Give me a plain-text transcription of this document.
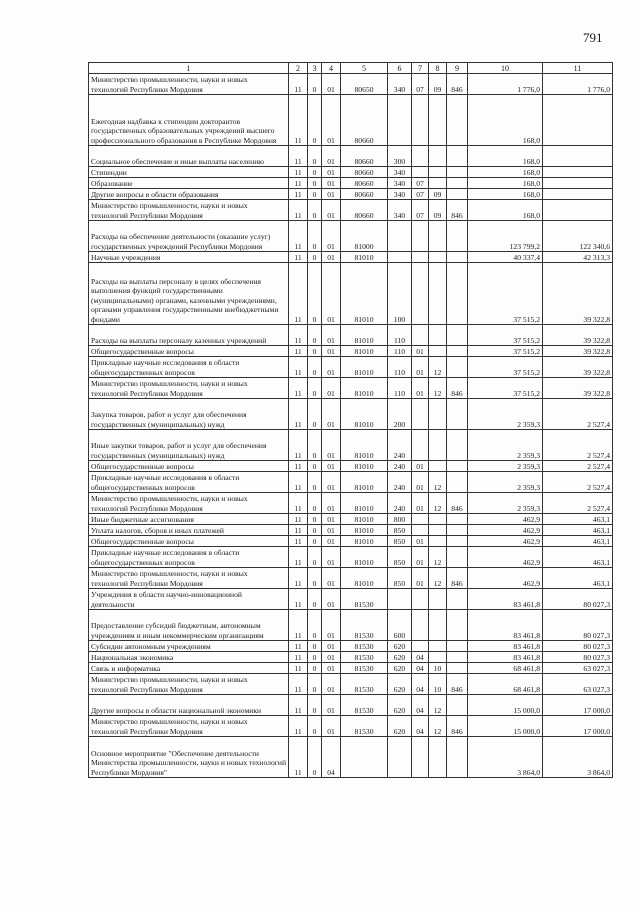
791
1	2	3	4	5	6	7	8	9	10	11
Министерство промышленности, науки и новых технологий Республики Мордовия	11	0	01	80650	340	07	09	846	1 776,0	1 776,0
Ежегодная надбавка к стипендии докторантов государственных образовательных учреждений высшего профессионального образования в Республике Мордовия	11	0	01	80660					168,0	
Социальное обеспечение и иные выплаты населению	11	0	01	80660	300				168,0	
Стипендии	11	0	01	80660	340				168,0	
Образование	11	0	01	80660	340	07			168,0	
Другие вопросы в области образования	11	0	01	80660	340	07	09		168,0	
Министерство промышленности, науки и новых технологий Республики Мордовия	11	0	01	80660	340	07	09	846	168,0	
Расходы на обеспечение деятельности (оказание услуг) государственных учреждений Республики Мордовия	11	0	01	81000					123 799,2	122 340,6
Научные учреждения	11	0	01	81010					40 337,4	42 313,3
Расходы на выплаты персоналу в целях обеспечения выполнения функций государственными (муниципальными) органами, казенными учреждениями, органами управления государственными внебюджетными фондами	11	0	01	81010	100				37 515,2	39 322,8
Расходы на выплаты персоналу казенных учреждений	11	0	01	81010	110				37 515,2	39 322,8
Общегосударственные вопросы	11	0	01	81010	110	01			37 515,2	39 322,8
Прикладные научные исследования в области общегосударственных вопросов	11	0	01	81010	110	01	12		37 515,2	39 322,8
Министерство промышленности, науки и новых технологий Республики Мордовия	11	0	01	81010	110	01	12	846	37 515,2	39 322,8
Закупка товаров, работ и услуг для обеспечения государственных (муниципальных) нужд	11	0	01	81010	200				2 359,3	2 527,4
Иные закупки товаров, работ и услуг для обеспечения государственных (муниципальных) нужд	11	0	01	81010	240				2 359,3	2 527,4
Общегосударственные вопросы	11	0	01	81010	240	01			2 359,3	2 527,4
Прикладные научные исследования в области общегосударственных вопросов	11	0	01	81010	240	01	12		2 359,3	2 527,4
Министерство промышленности, науки и новых технологий Республики Мордовия	11	0	01	81010	240	01	12	846	2 359,3	2 527,4
Иные бюджетные ассигнования	11	0	01	81010	800				462,9	463,1
Уплата налогов, сборов и иных платежей	11	0	01	81010	850				462,9	463,1
Общегосударственные вопросы	11	0	01	81010	850	01			462,9	463,1
Прикладные научные исследования в области общегосударственных вопросов	11	0	01	81010	850	01	12		462,9	463,1
Министерство промышленности, науки и новых технологий Республики Мордовия	11	0	01	81010	850	01	12	846	462,9	463,1
Учреждения в области научно-инновационной деятельности	11	0	01	81530					83 461,8	80 027,3
Предоставление субсидий бюджетным, автономным учреждениям и иным некоммерческим организациям	11	0	01	81530	600				83 461,8	80 027,3
Субсидии автономным учреждениям	11	0	01	81530	620				83 461,8	80 027,3
Национальная экономика	11	0	01	81530	620	04			83 461,8	80 027,3
Связь и информатика	11	0	01	81530	620	04	10		68 461,8	63 027,3
Министерство промышленности, науки и новых технологий Республики Мордовия	11	0	01	81530	620	04	10	846	68 461,8	63 027,3
Другие вопросы в области национальной экономики	11	0	01	81530	620	04	12		15 000,0	17 000,0
Министерство промышленности, науки и новых технологий Республики Мордовия	11	0	01	81530	620	04	12	846	15 000,0	17 000,0
Основное мероприятие "Обеспечение деятельности Министерства промышленности, науки и новых технологий Республики Мордовия"	11	0	04						3 864,0	3 864,0
